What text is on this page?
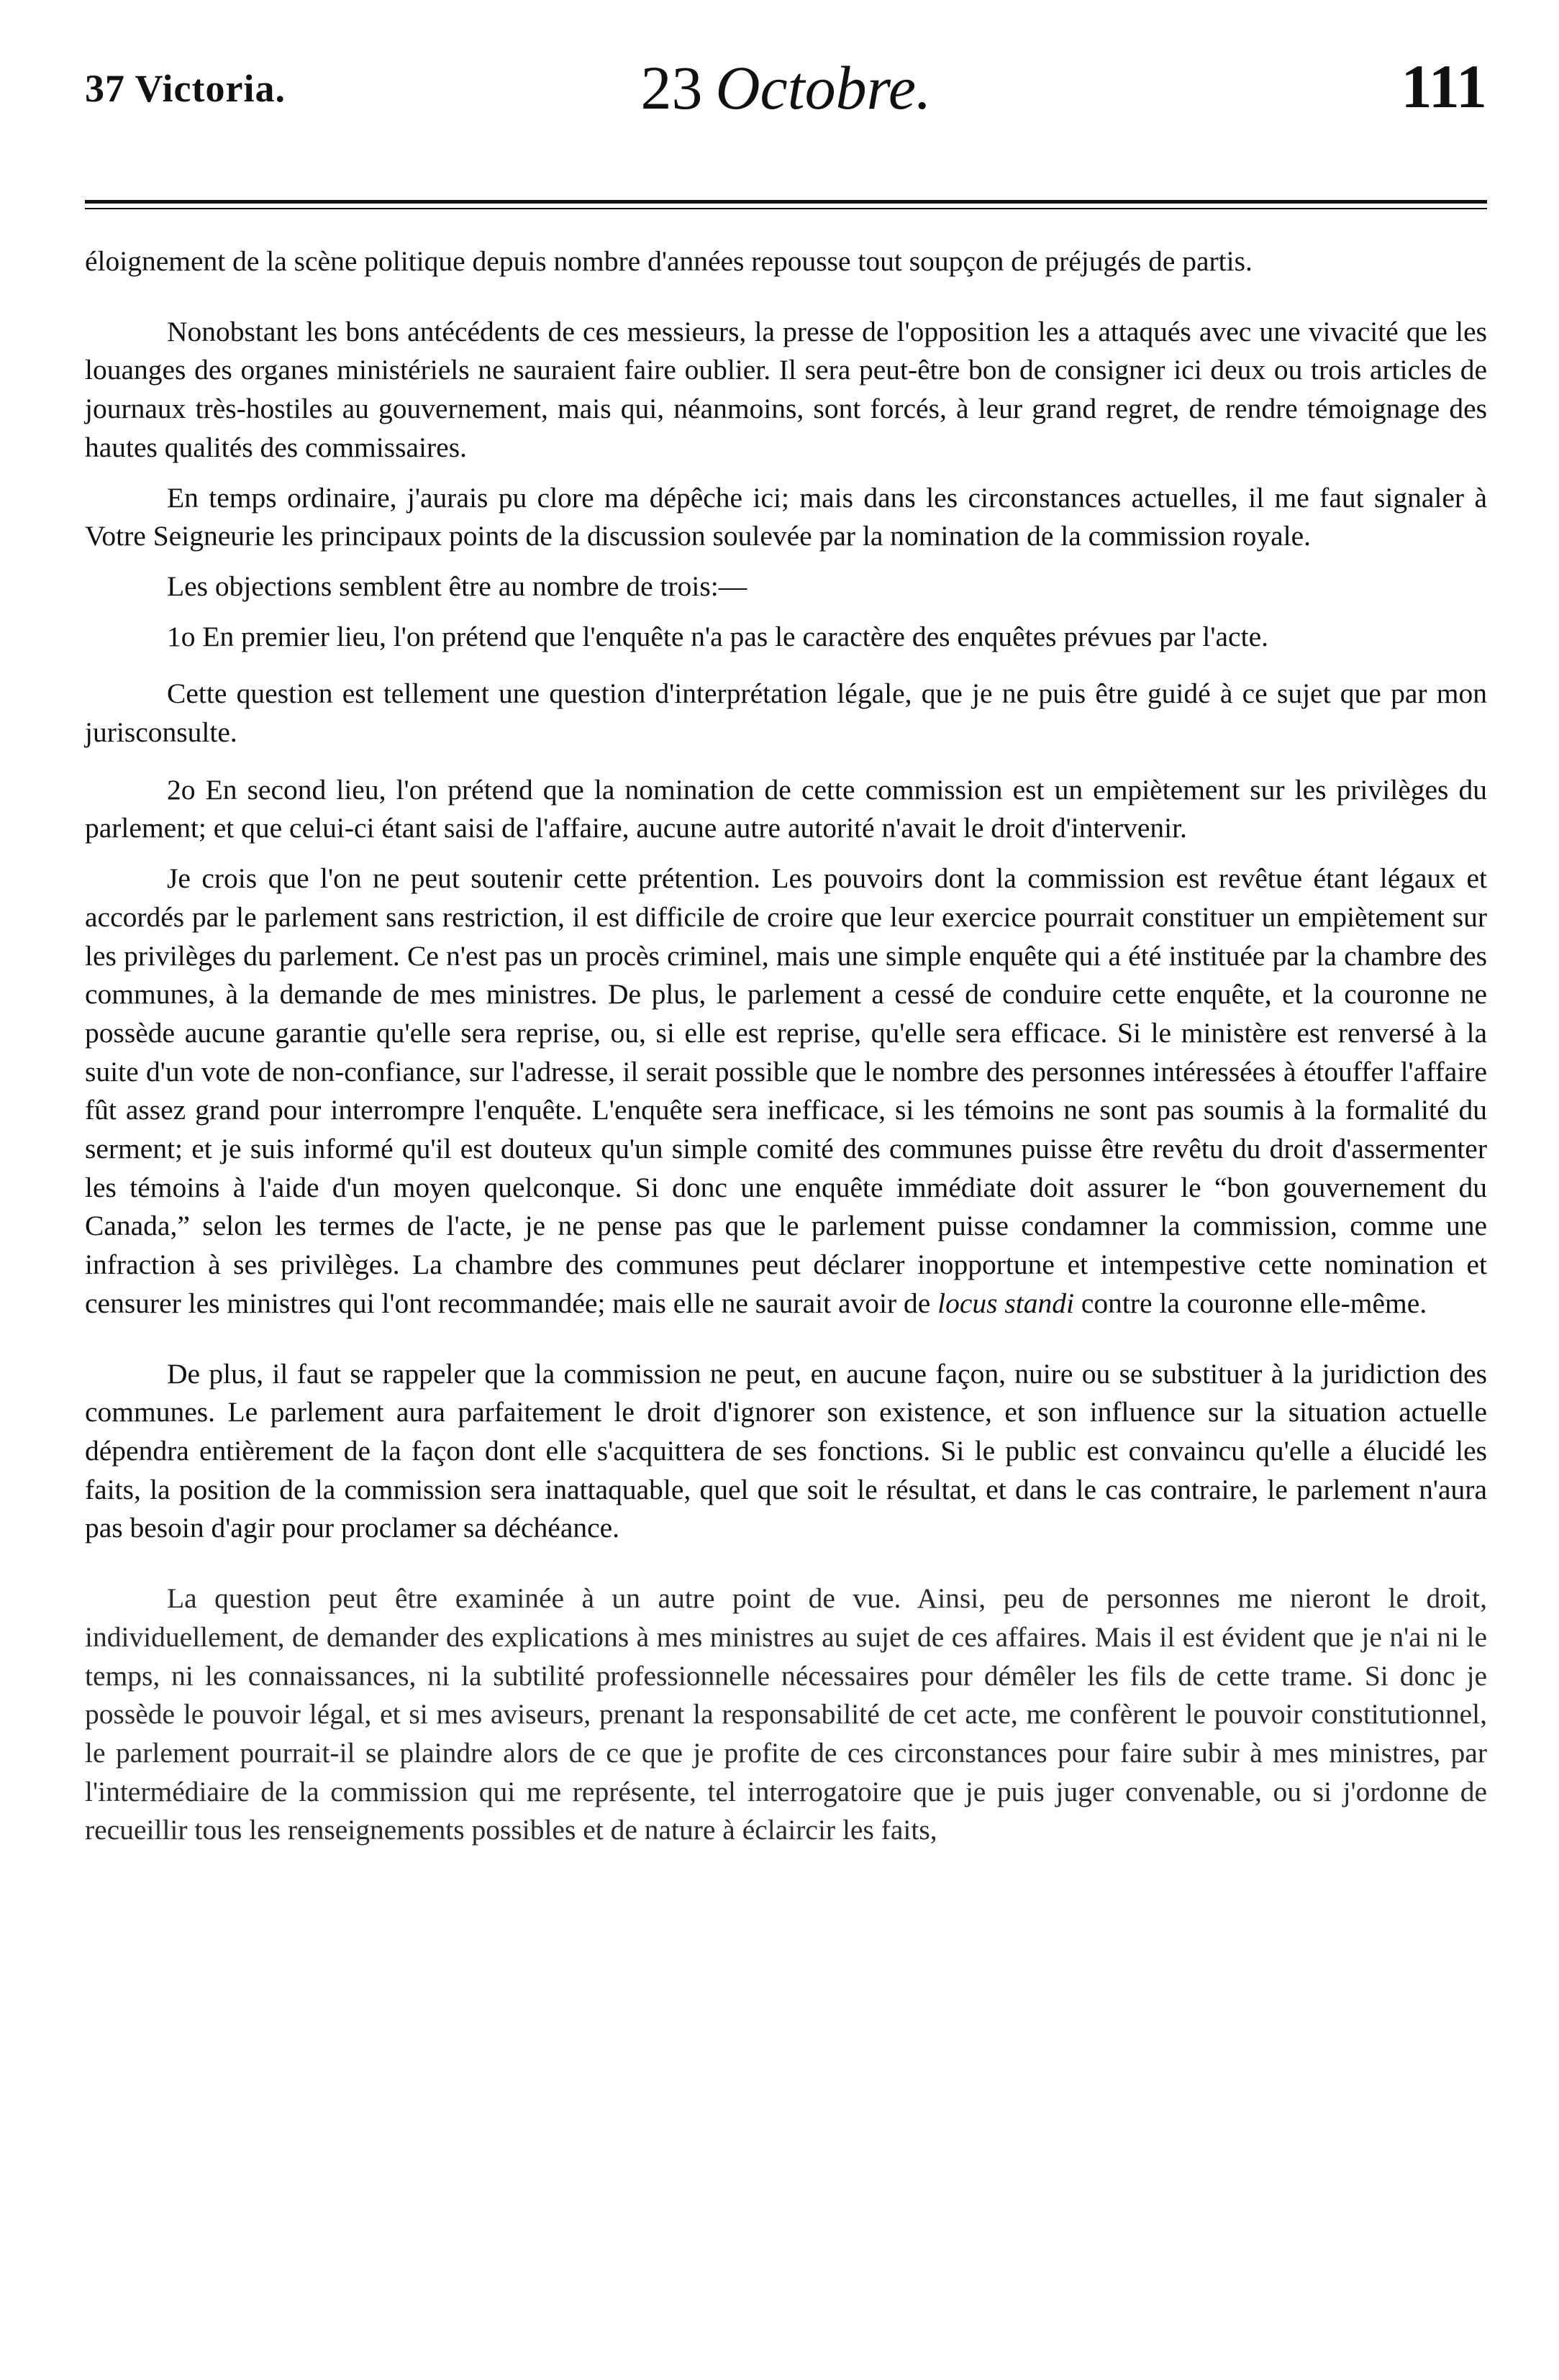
37 Victoria.	23 Octobre.	111

éloignement de la scène politique depuis nombre d'années repousse tout soupçon de préjugés de partis.

Nonobstant les bons antécédents de ces messieurs, la presse de l'opposition les a attaqués avec une vivacité que les louanges des organes ministériels ne sauraient faire oublier. Il sera peut-être bon de consigner ici deux ou trois articles de journaux très-hostiles au gouvernement, mais qui, néanmoins, sont forcés, à leur grand regret, de rendre témoignage des hautes qualités des commissaires.

En temps ordinaire, j'aurais pu clore ma dépêche ici; mais dans les circonstances actuelles, il me faut signaler à Votre Seigneurie les principaux points de la discussion soulevée par la nomination de la commission royale.

Les objections semblent être au nombre de trois:—

1o En premier lieu, l'on prétend que l'enquête n'a pas le caractère des enquêtes prévues par l'acte.

Cette question est tellement une question d'interprétation légale, que je ne puis être guidé à ce sujet que par mon jurisconsulte.

2o En second lieu, l'on prétend que la nomination de cette commission est un empiètement sur les privilèges du parlement; et que celui-ci étant saisi de l'affaire, aucune autre autorité n'avait le droit d'intervenir.

Je crois que l'on ne peut soutenir cette prétention. Les pouvoirs dont la commission est revêtue étant légaux et accordés par le parlement sans restriction, il est difficile de croire que leur exercice pourrait constituer un empiètement sur les privilèges du parlement. Ce n'est pas un procès criminel, mais une simple enquête qui a été instituée par la chambre des communes, à la demande de mes ministres. De plus, le parlement a cessé de conduire cette enquête, et la couronne ne possède aucune garantie qu'elle sera reprise, ou, si elle est reprise, qu'elle sera efficace. Si le ministère est renversé à la suite d'un vote de non-confiance, sur l'adresse, il serait possible que le nombre des personnes intéressées à étouffer l'affaire fût assez grand pour interrompre l'enquête. L'enquête sera inefficace, si les témoins ne sont pas soumis à la formalité du serment; et je suis informé qu'il est douteux qu'un simple comité des communes puisse être revêtu du droit d'assermenter les témoins à l'aide d'un moyen quelconque. Si donc une enquête immédiate doit assurer le “bon gouvernement du Canada,” selon les termes de l'acte, je ne pense pas que le parlement puisse condamner la commission, comme une infraction à ses privilèges. La chambre des communes peut déclarer inopportune et intempestive cette nomination et censurer les ministres qui l'ont recommandée; mais elle ne saurait avoir de locus standi contre la couronne elle-même.

De plus, il faut se rappeler que la commission ne peut, en aucune façon, nuire ou se substituer à la juridiction des communes. Le parlement aura parfaitement le droit d'ignorer son existence, et son influence sur la situation actuelle dépendra entièrement de la façon dont elle s'acquittera de ses fonctions. Si le public est convaincu qu'elle a élucidé les faits, la position de la commission sera inattaquable, quel que soit le résultat, et dans le cas contraire, le parlement n'aura pas besoin d'agir pour proclamer sa déchéance.

La question peut être examinée à un autre point de vue. Ainsi, peu de personnes me nieront le droit, individuellement, de demander des explications à mes ministres au sujet de ces affaires. Mais il est évident que je n'ai ni le temps, ni les connaissances, ni la subtilité professionnelle nécessaires pour démêler les fils de cette trame. Si donc je possède le pouvoir légal, et si mes aviseurs, prenant la responsabilité de cet acte, me confèrent le pouvoir constitutionnel, le parlement pourrait-il se plaindre alors de ce que je profite de ces circonstances pour faire subir à mes ministres, par l'intermédiaire de la commission qui me représente, tel interrogatoire que je puis juger convenable, ou si j'ordonne de recueillir tous les renseignements possibles et de nature à éclaircir les faits,
